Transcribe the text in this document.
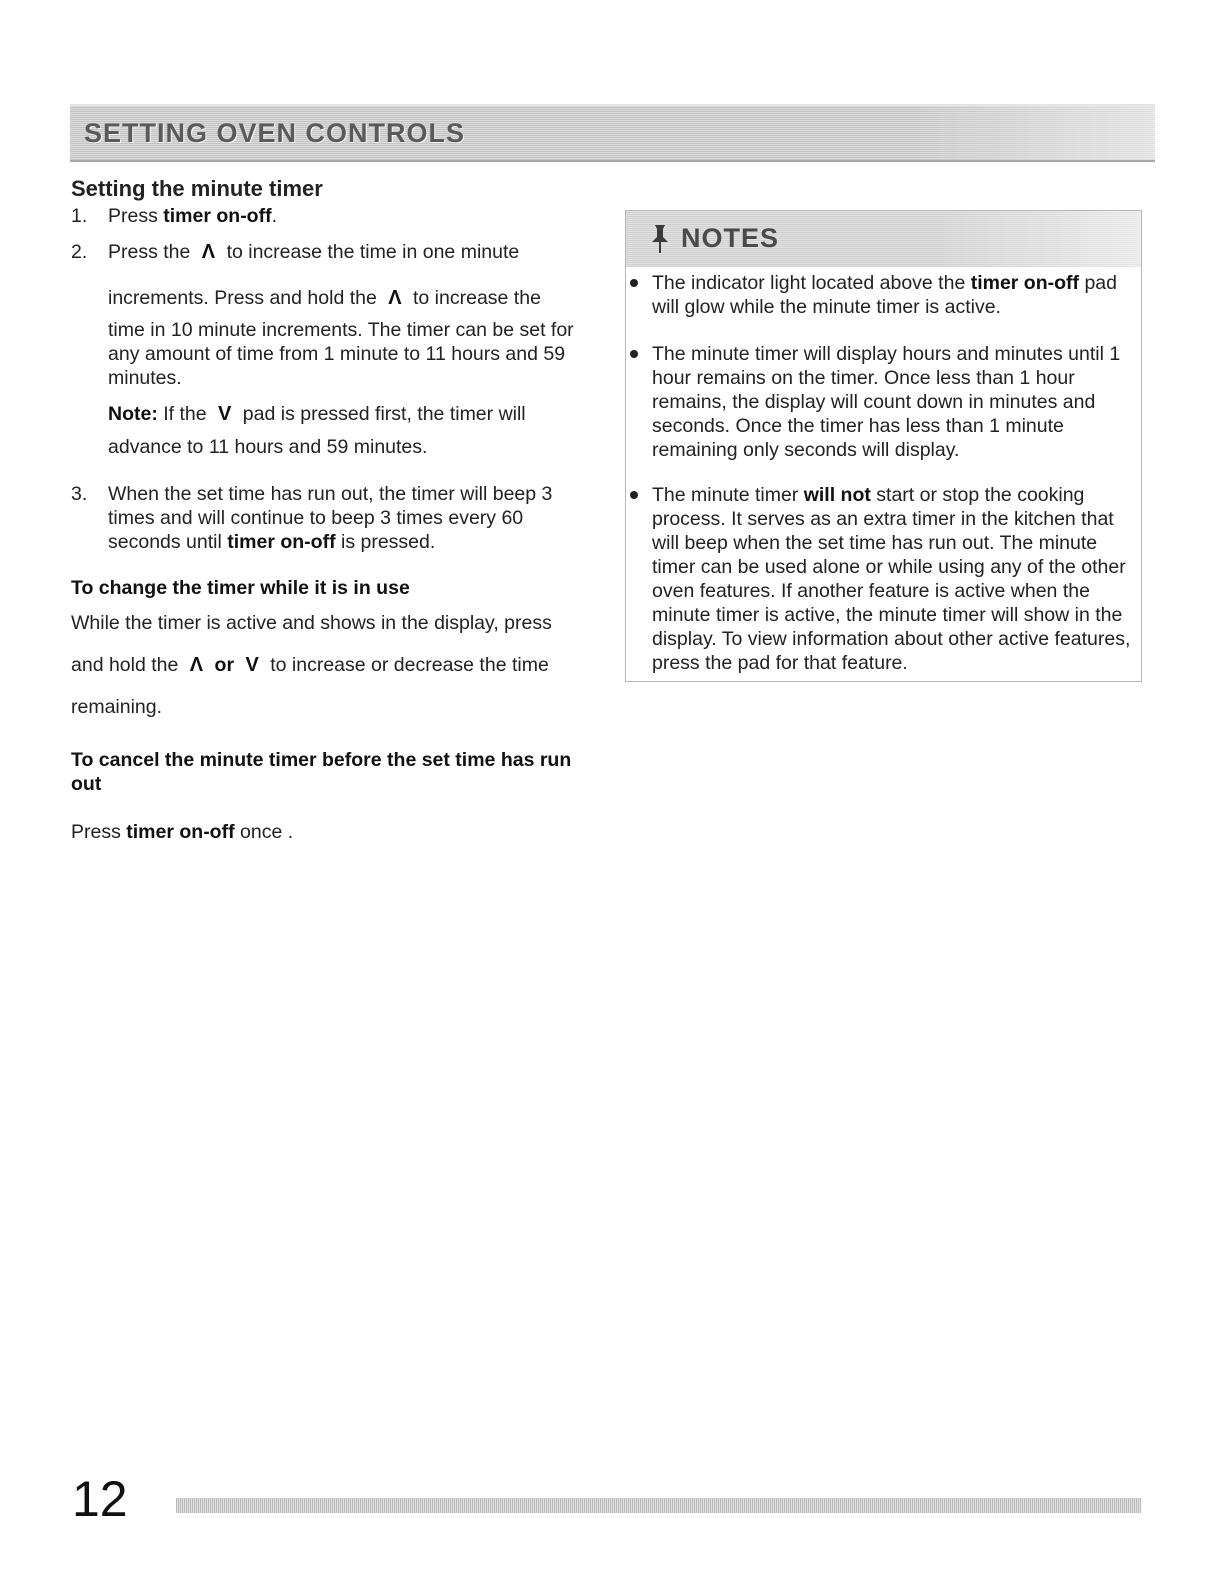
SETTING OVEN CONTROLS
Setting the minute timer
1. Press timer on-off.
2. Press the Λ to increase the time in one minute
increments. Press and hold the Λ to increase the

time in 10 minute increments. The timer can be set for any amount of time from 1 minute to 11 hours and 59 minutes.

Note: If the V pad is pressed first, the timer will

advance to 11 hours and 59 minutes.

3. When the set time has run out, the timer will beep 3 times and will continue to beep 3 times every 60 seconds until timer on-off is pressed.

To change the timer while it is in use

While the timer is active and shows in the display, press

and hold the Λ or V to increase or decrease the time

remaining.

To cancel the minute timer before the set time has run out

Press timer on-off once .

NOTES
The indicator light located above the timer on-off pad will glow while the minute timer is active.
The minute timer will display hours and minutes until 1 hour remains on the timer. Once less than 1 hour remains, the display will count down in minutes and seconds. Once the timer has less than 1 minute remaining only seconds will display.
The minute timer will not start or stop the cooking process. It serves as an extra timer in the kitchen that will beep when the set time has run out. The minute timer can be used alone or while using any of the other oven features. If another feature is active when the minute timer is active, the minute timer will show in the display. To view information about other active features, press the pad for that feature.
12
